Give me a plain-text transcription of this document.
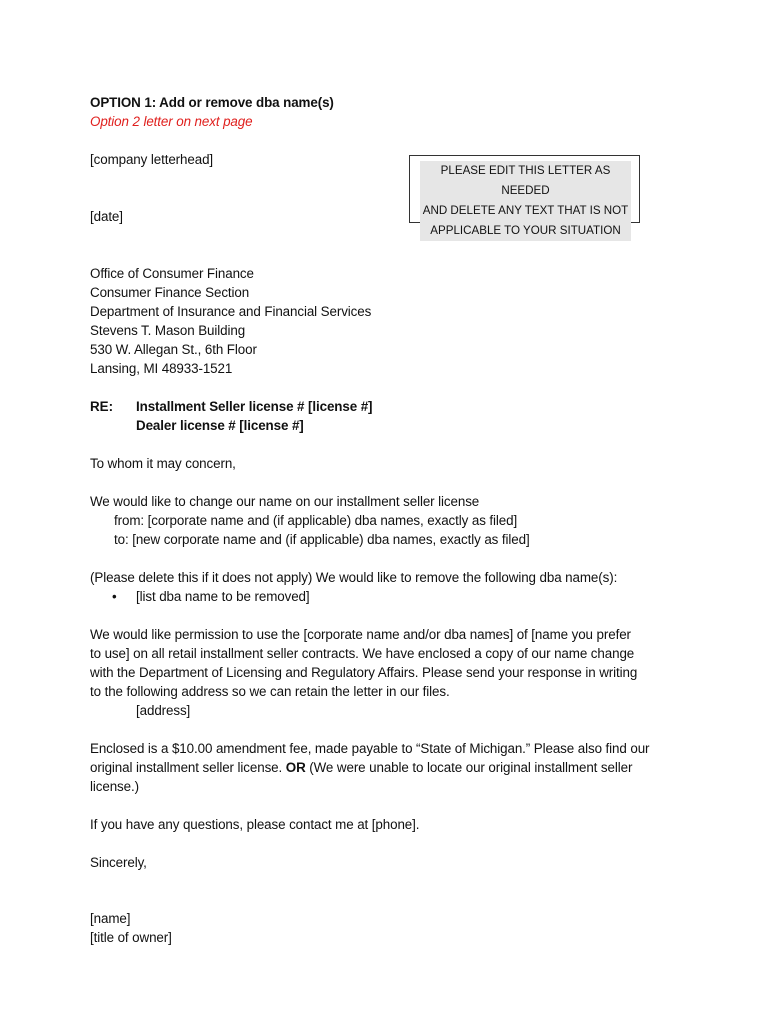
OPTION 1: Add or remove dba name(s)
Option 2 letter on next page
[company letterhead]
PLEASE EDIT THIS LETTER AS NEEDED
AND DELETE ANY TEXT THAT IS NOT
APPLICABLE TO YOUR SITUATION
[date]
Office of Consumer Finance
Consumer Finance Section
Department of Insurance and Financial Services
Stevens T. Mason Building
530 W. Allegan St., 6th Floor
Lansing, MI 48933-1521
RE: Installment Seller license # [license #]
Dealer license # [license #]
To whom it may concern,
We would like to change our name on our installment seller license
from: [corporate name and (if applicable) dba names, exactly as filed]
to: [new corporate name and (if applicable) dba names, exactly as filed]
(Please delete this if it does not apply) We would like to remove the following dba name(s):
• [list dba name to be removed]
We would like permission to use the [corporate name and/or dba names] of [name you prefer
to use] on all retail installment seller contracts. We have enclosed a copy of our name change
with the Department of Licensing and Regulatory Affairs. Please send your response in writing
to the following address so we can retain the letter in our files.
[address]
Enclosed is a $10.00 amendment fee, made payable to “State of Michigan.” Please also find our
original installment seller license. OR (We were unable to locate our original installment seller
license.)
If you have any questions, please contact me at [phone].
Sincerely,
[name]
[title of owner]
